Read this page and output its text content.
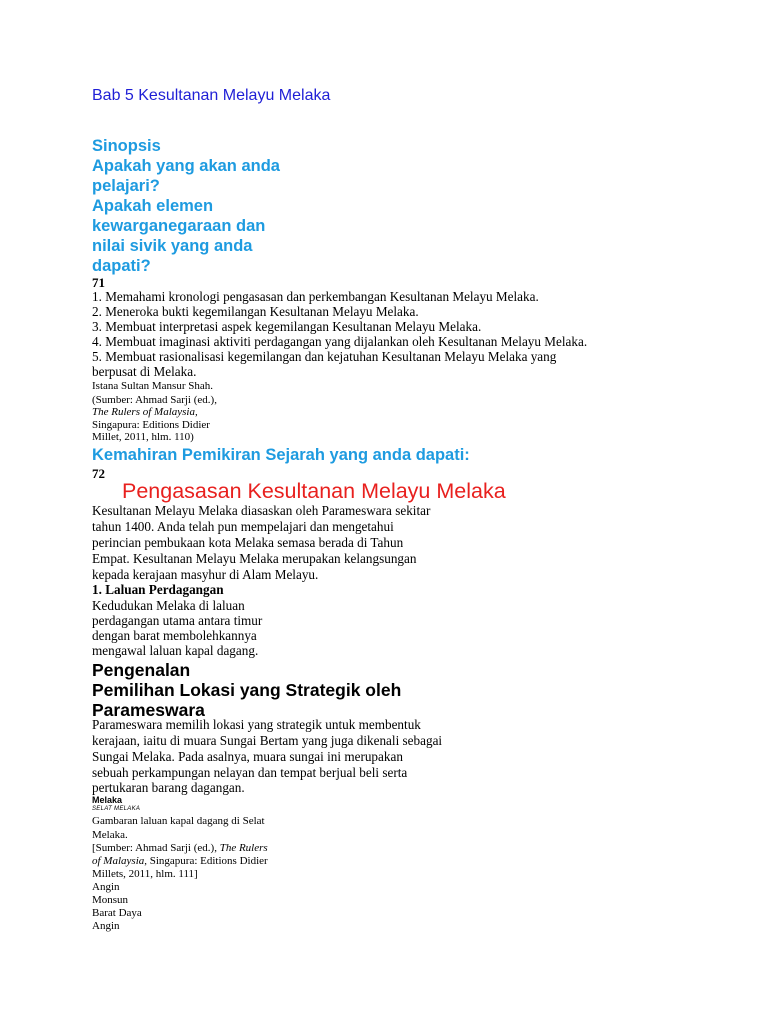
Bab 5 Kesultanan Melayu Melaka
Sinopsis
Apakah yang akan anda
pelajari?
Apakah elemen
kewarganegaraan dan
nilai sivik yang anda
dapati?
71
1. Memahami kronologi pengasasan dan perkembangan Kesultanan Melayu Melaka.
2. Meneroka bukti kegemilangan Kesultanan Melayu Melaka.
3. Membuat interpretasi aspek kegemilangan Kesultanan Melayu Melaka.
4. Membuat imaginasi aktiviti perdagangan yang dijalankan oleh Kesultanan Melayu Melaka.
5. Membuat rasionalisasi kegemilangan dan kejatuhan Kesultanan Melayu Melaka yang
berpusat di Melaka.
Istana Sultan Mansur Shah.
(Sumber: Ahmad Sarji (ed.),
The Rulers of Malaysia,
Singapura: Editions Didier
Millet, 2011, hlm. 110)
Kemahiran Pemikiran Sejarah yang anda dapati:
72
Pengasasan Kesultanan Melayu Melaka
Kesultanan Melayu Melaka diasaskan oleh Parameswara sekitar
tahun 1400. Anda telah pun mempelajari dan mengetahui
perincian pembukaan kota Melaka semasa berada di Tahun
Empat. Kesultanan Melayu Melaka merupakan kelangsungan
kepada kerajaan masyhur di Alam Melayu.
1. Laluan Perdagangan
Kedudukan Melaka di laluan
perdagangan utama antara timur
dengan barat membolehkannya
mengawal laluan kapal dagang.
Pengenalan
Pemilihan Lokasi yang Strategik oleh
Parameswara
Parameswara memilih lokasi yang strategik untuk membentuk
kerajaan, iaitu di muara Sungai Bertam yang juga dikenali sebagai
Sungai Melaka. Pada asalnya, muara sungai ini merupakan
sebuah perkampungan nelayan dan tempat berjual beli serta
pertukaran barang dagangan.
Melaka
SELAT MELAKA
Gambaran laluan kapal dagang di Selat
Melaka.
[Sumber: Ahmad Sarji (ed.), The Rulers
of Malaysia, Singapura: Editions Didier
Millets, 2011, hlm. 111]
Angin
Monsun
Barat Daya
Angin
